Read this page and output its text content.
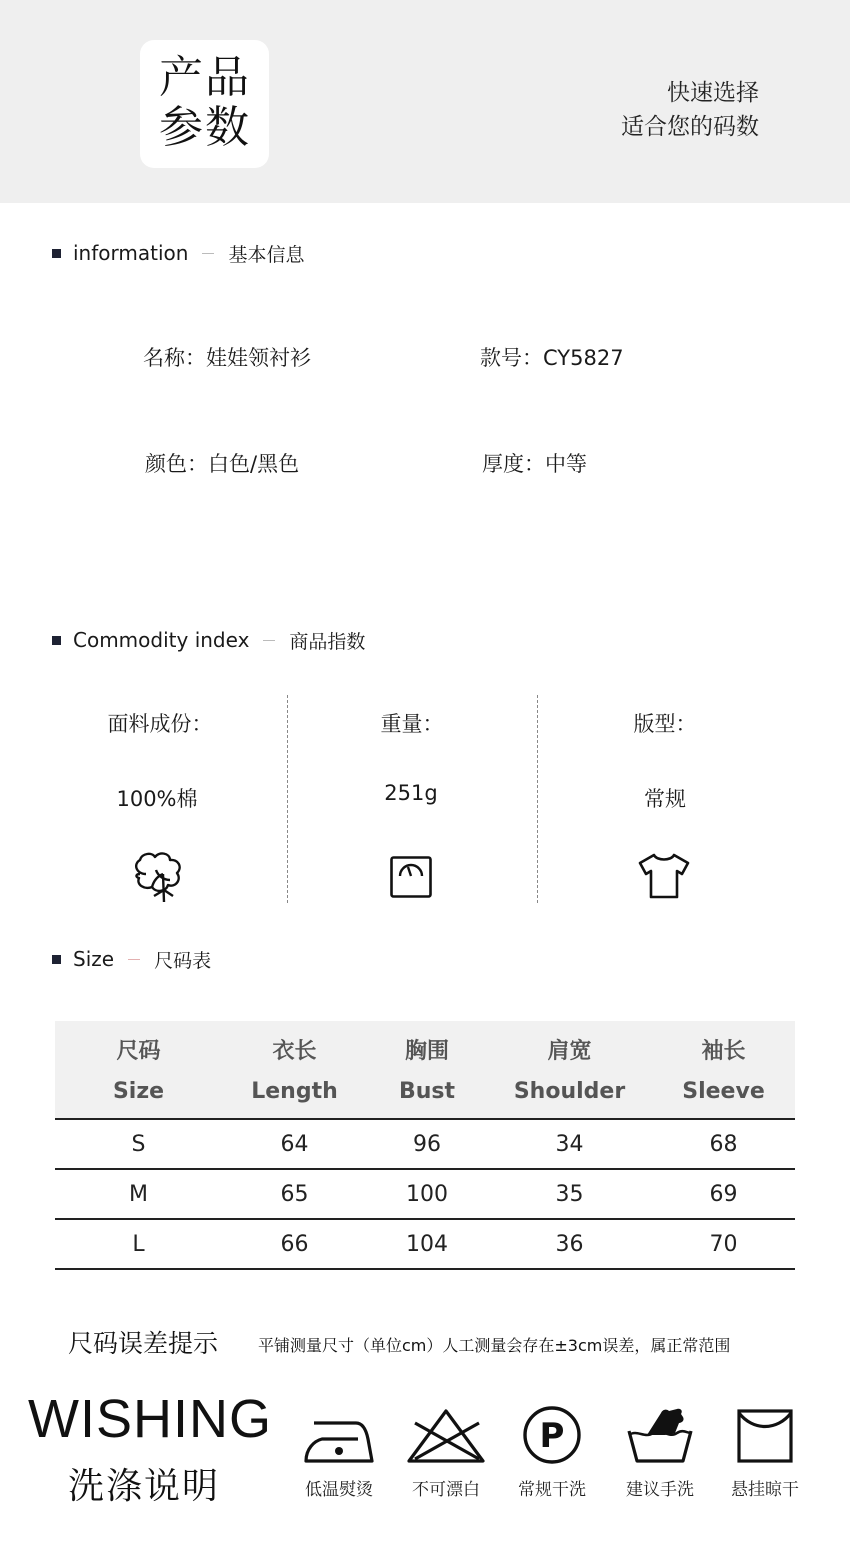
产品
参数
快速选择
适合您的码数
information 基本信息
名称：娃娃领衬衫	款号：CY5827
颜色：白色/黑色	厚度：中等
Commodity index 商品指数
面料成份：	重量：	版型：
100%棉	251g	常规
Size 尺码表
尺码	衣长	胸围	肩宽	袖长
Size	Length	Bust	Shoulder	Sleeve
S	64	96	34	68
M	65	100	35	69
L	66	104	36	70
尺码误差提示 平铺测量尺寸（单位cm）人工测量会存在±3cm误差，属正常范围
WISHING
洗涤说明	低温熨烫	不可漂白
P
常规干洗	建议手洗	悬挂晾干
